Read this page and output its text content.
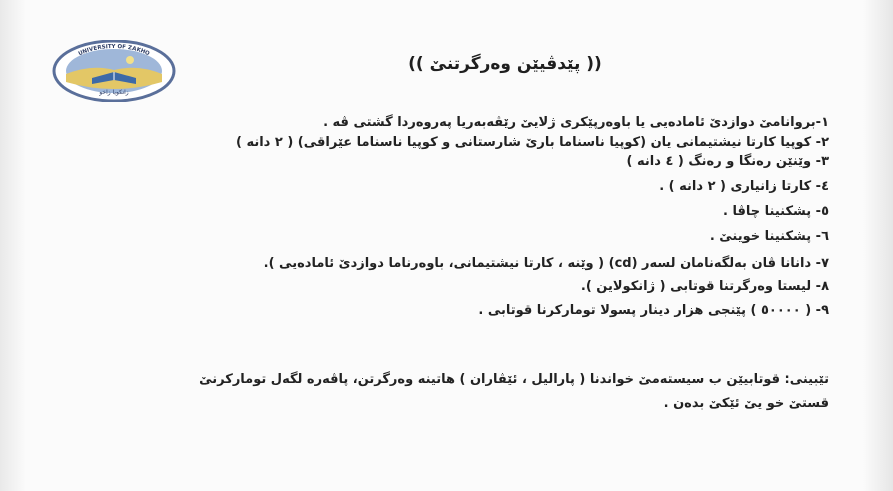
UNIVERSITY OF ZAKHO
زانكويا زاخو
(( پێدڤیێن وەرگرتنێ ))
١-بروانامێ دوازدێ ئامادەیی یا باوەرپێکری ژلایێ رێڤەبەریا پەروەردا گشتی ڤە .
٢- کوپیا کارتا نیشتیمانی یان (کوپیا ناسناما بارێ شارستانی و کوپیا ناسناما عێراقی) ( ٢ دانە )
٣- وێنێن رەنگا و رەنگ ( ٤ دانە )
٤- کارتا زانیاری ( ٢ دانە ) .
٥- پشکنینا چاڤا .
٦- پشکنینا خوینێ .
٧- دانانا ڤان بەلگەنامان لسەر (cd) ( وێنە ، کارتا نیشتیمانی، باوەرناما دوازدێ ئامادەیی ).
٨- لیستا وەرگرتنا قوتابی ( ژانکولاین ).
٩- ( ٥٠٠٠٠ ) پێنجی هزار دینار پسولا تومارکرنا قوتابی .
تێبینی: قوتابیێن ب سیستەمێ خواندنا ( پارالیل ، ئێڤاران ) هاتینە وەرگرتن، پاڤەرە لگەل تومارکرنێ
قستێ خو یێ ئێکێ بدەن .
